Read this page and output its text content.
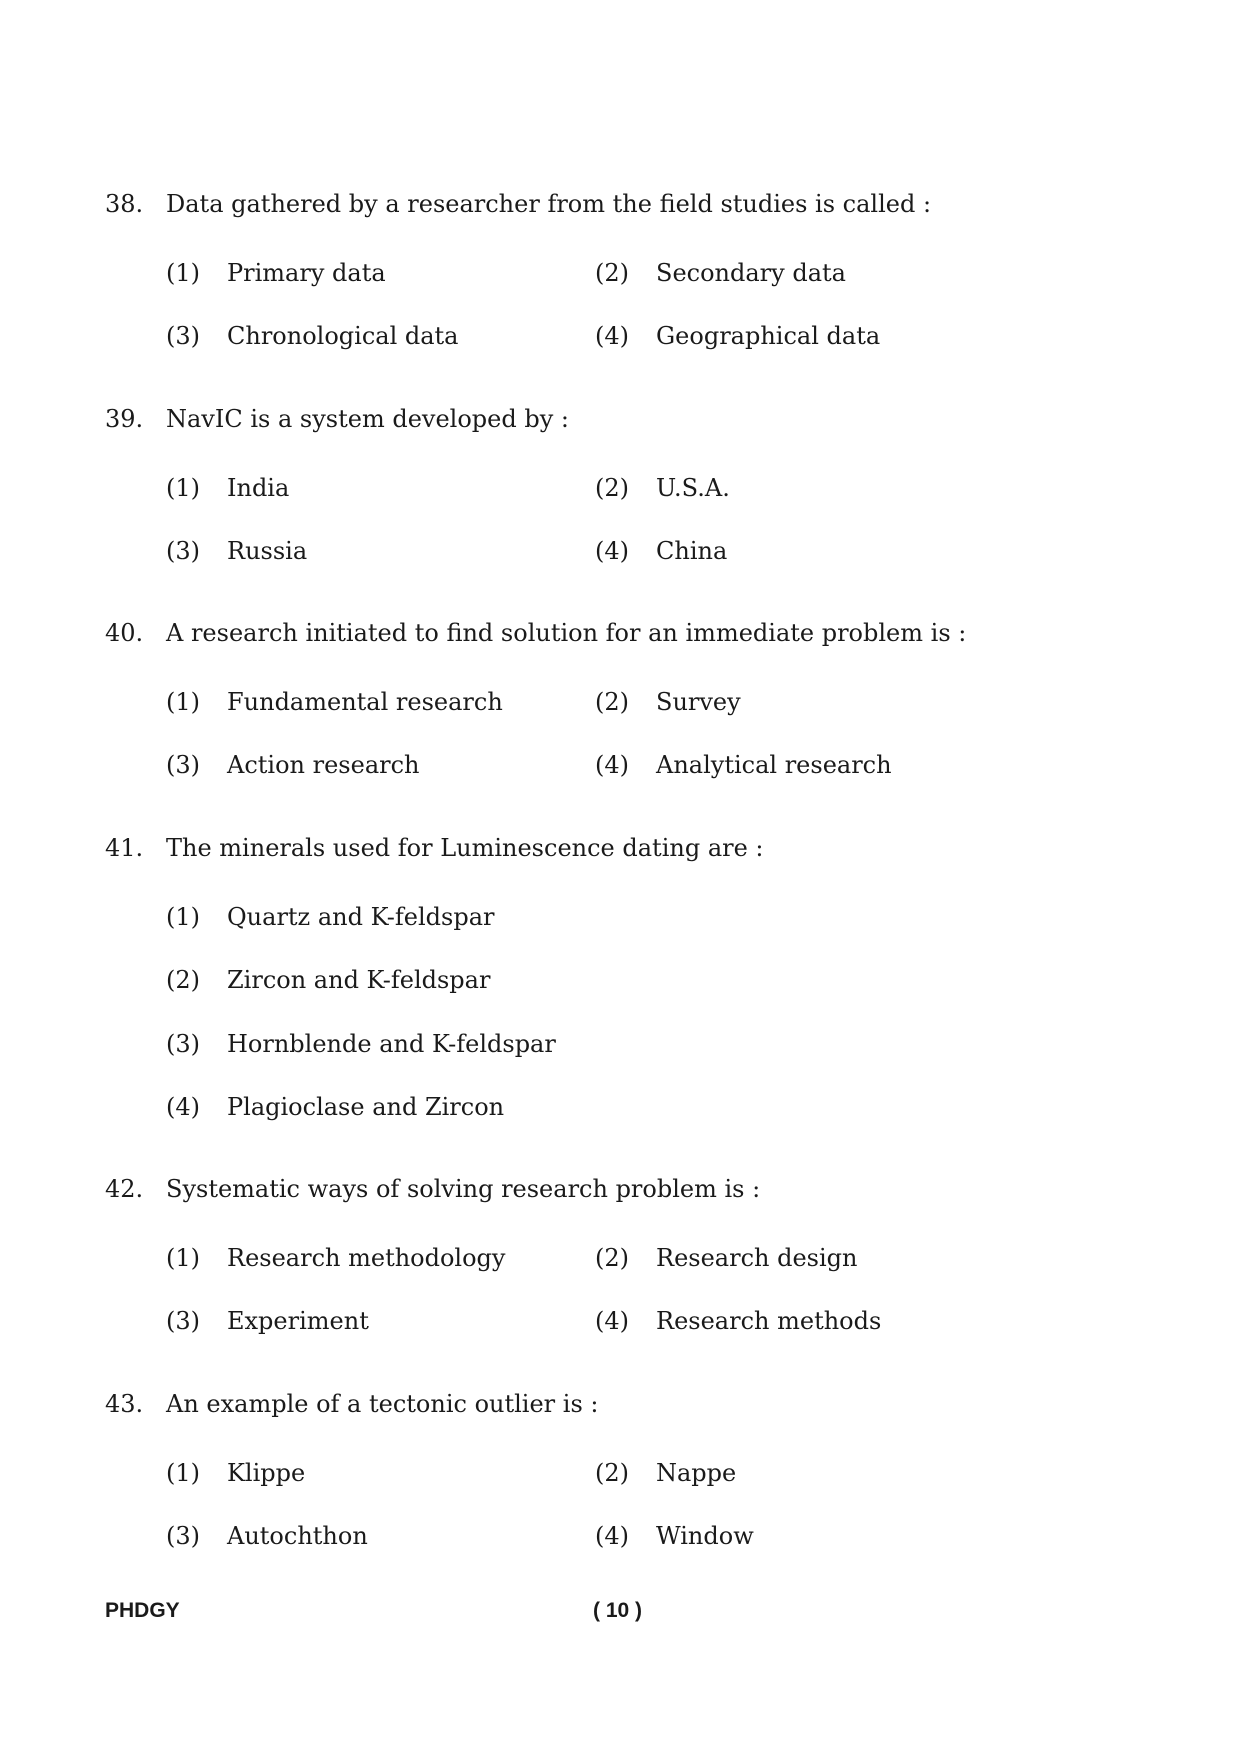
38. Data gathered by a researcher from the field studies is called :
(1) Primary data	(2) Secondary data
(3) Chronological data	(4) Geographical data
39. NavIC is a system developed by :
(1) India	(2) U.S.A.
(3) Russia	(4) China
40. A research initiated to find solution for an immediate problem is :
(1) Fundamental research	(2) Survey
(3) Action research	(4) Analytical research
41. The minerals used for Luminescence dating are :
(1) Quartz and K-feldspar
(2) Zircon and K-feldspar
(3) Hornblende and K-feldspar
(4) Plagioclase and Zircon
42. Systematic ways of solving research problem is :
(1) Research methodology	(2) Research design
(3) Experiment	(4) Research methods
43. An example of a tectonic outlier is :
(1) Klippe	(2) Nappe
(3) Autochthon	(4) Window
PHDGY	( 10 )
